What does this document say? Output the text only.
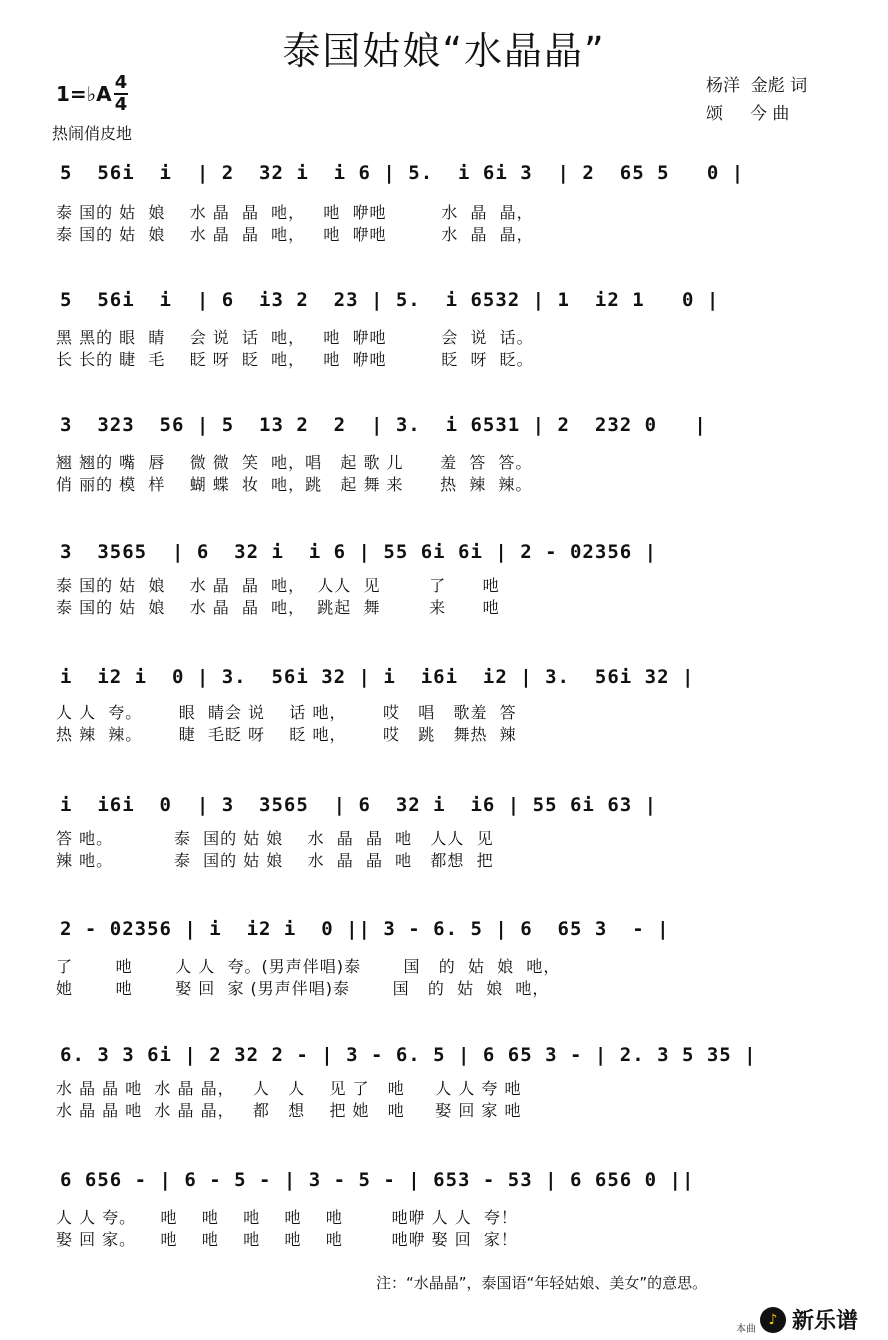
泰国姑娘“水晶晶”
1=♭A 4
4
杨洋  金彪 词
颂     今 曲
热闹俏皮地
5  56i  i  | 2  32 i  i 6 | 5.  i 6i 3  | 2  65 5   0 |
泰 国的 姑  娘    水 晶  晶  吔，   吔  咿吔         水  晶  晶，
泰 国的 姑  娘    水 晶  晶  吔，   吔  咿吔         水  晶  晶，
5  56i  i  | 6  i3 2  23 | 5.  i 6532 | 1  i2 1   0 |
黑 黑的 眼  睛    会 说  话  吔，   吔  咿吔         会  说  话。
长 长的 睫  毛    眨 呀  眨  吔，   吔  咿吔         眨  呀  眨。
3  323  56 | 5  13 2  2  | 3.  i 6531 | 2  232 0   |
翘 翘的 嘴  唇    微 微  笑  吔，唱   起 歌 儿      羞  答  答。
俏 丽的 模  样    蝴 蝶  妆  吔，跳   起 舞 来      热  辣  辣。
3  3565  | 6  32 i  i 6 | 55 6i 6i | 2 - 02356 |
泰 国的 姑  娘    水 晶  晶  吔，  人人  见        了      吔
泰 国的 姑  娘    水 晶  晶  吔，  跳起  舞        来      吔
i  i2 i  0 | 3.  56i 32 | i  i6i  i2 | 3.  56i 32 |
人 人  夸。      眼  睛会 说    话 吔，      哎   唱   歌羞  答
热 辣  辣。      睫  毛眨 呀    眨 吔，      哎   跳   舞热  辣
i  i6i  0  | 3  3565  | 6  32 i  i6 | 55 6i 63 |
答 吔。          泰  国的 姑 娘    水  晶  晶  吔   人人  见
辣 吔。          泰  国的 姑 娘    水  晶  晶  吔   都想  把
2 - 02356 | i  i2 i  0 || 3 - 6. 5 | 6  65 3  - |
了       吔       人 人  夸。(男声伴唱)泰       国   的  姑  娘  吔，
她       吔       娶 回  家 (男声伴唱)泰       国   的  姑  娘  吔，
6. 3 3 6i | 2 32 2 - | 3 - 6. 5 | 6 65 3 - | 2. 3 5 35 |
水 晶 晶 吔  水 晶 晶，   人   人    见 了   吔     人 人 夸 吔
水 晶 晶 吔  水 晶 晶，   都   想    把 她   吔     娶 回 家 吔
6 656 - | 6 - 5 - | 3 - 5 - | 653 - 53 | 6 656 0 ||
人 人 夸。    吔    吔    吔    吔    吔        吔咿 人 人  夸！
娶 回 家。    吔    吔    吔    吔    吔        吔咿 娶 回  家！
注：“水晶晶”，泰国语“年轻姑娘、美女”的意思。
本曲
♪ 新乐谱
